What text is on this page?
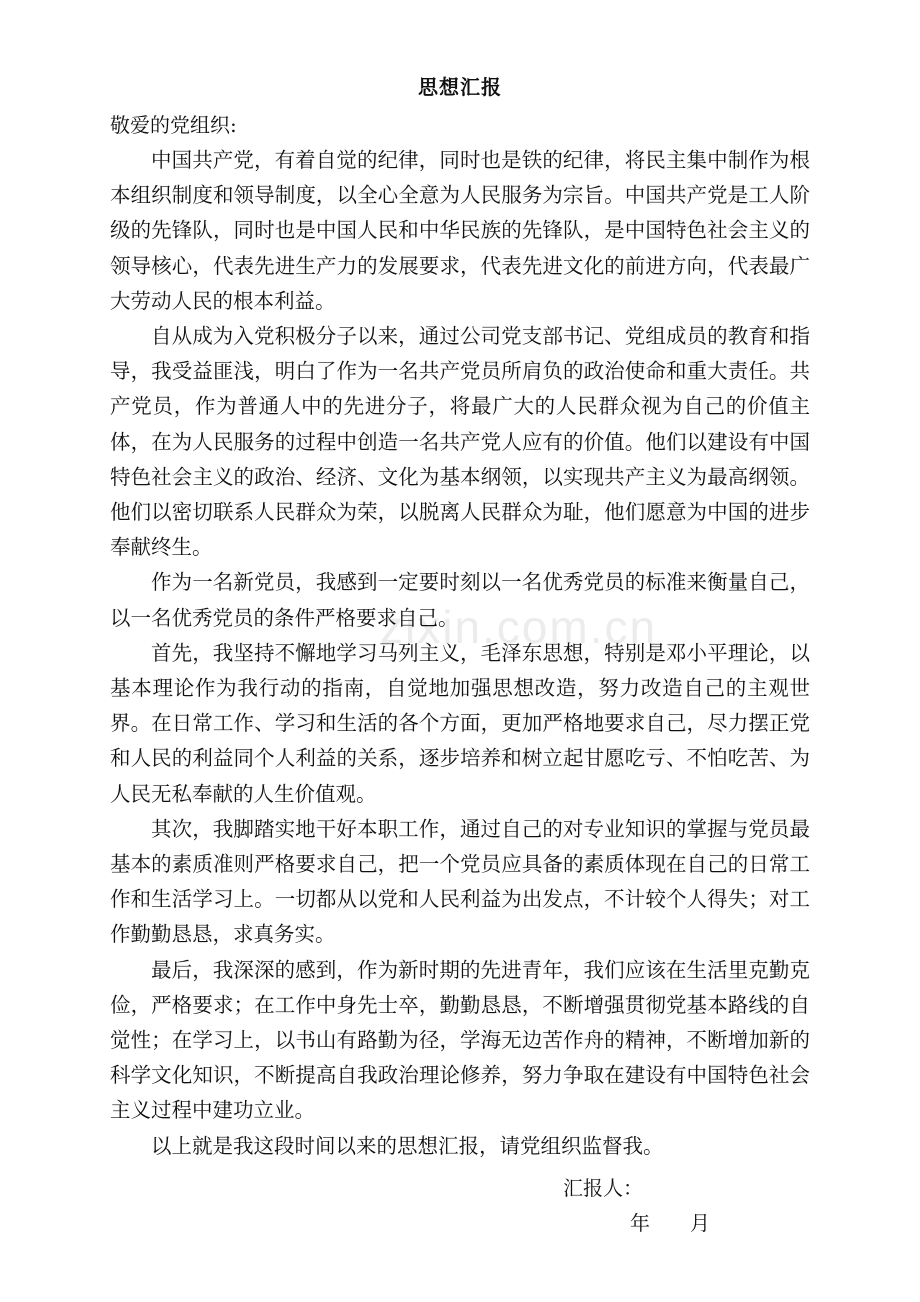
zixin.com.cn
思想汇报
敬爱的党组织:

中国共产党，有着自觉的纪律，同时也是铁的纪律，将民主集中制作为根本组织制度和领导制度，以全心全意为人民服务为宗旨。中国共产党是工人阶级的先锋队，同时也是中国人民和中华民族的先锋队，是中国特色社会主义的领导核心，代表先进生产力的发展要求，代表先进文化的前进方向，代表最广大劳动人民的根本利益。

自从成为入党积极分子以来，通过公司党支部书记、党组成员的教育和指导，我受益匪浅，明白了作为一名共产党员所肩负的政治使命和重大责任。共产党员，作为普通人中的先进分子，将最广大的人民群众视为自己的价值主体，在为人民服务的过程中创造一名共产党人应有的价值。他们以建设有中国特色社会主义的政治、经济、文化为基本纲领，以实现共产主义为最高纲领。他们以密切联系人民群众为荣，以脱离人民群众为耻，他们愿意为中国的进步奉献终生。

作为一名新党员，我感到一定要时刻以一名优秀党员的标准来衡量自己，以一名优秀党员的条件严格要求自己。

首先，我坚持不懈地学习马列主义，毛泽东思想，特别是邓小平理论，以基本理论作为我行动的指南，自觉地加强思想改造，努力改造自己的主观世界。在日常工作、学习和生活的各个方面，更加严格地要求自己，尽力摆正党和人民的利益同个人利益的关系，逐步培养和树立起甘愿吃亏、不怕吃苦、为人民无私奉献的人生价值观。

其次，我脚踏实地干好本职工作，通过自己的对专业知识的掌握与党员最基本的素质准则严格要求自己，把一个党员应具备的素质体现在自己的日常工作和生活学习上。一切都从以党和人民利益为出发点，不计较个人得失；对工作勤勤恳恳，求真务实。

最后，我深深的感到，作为新时期的先进青年，我们应该在生活里克勤克俭，严格要求；在工作中身先士卒，勤勤恳恳，不断增强贯彻党基本路线的自觉性；在学习上，以书山有路勤为径，学海无边苦作舟的精神，不断增加新的科学文化知识，不断提高自我政治理论修养，努力争取在建设有中国特色社会主义过程中建功立业。

以上就是我这段时间以来的思想汇报，请党组织监督我。

汇报人：
年　　月
